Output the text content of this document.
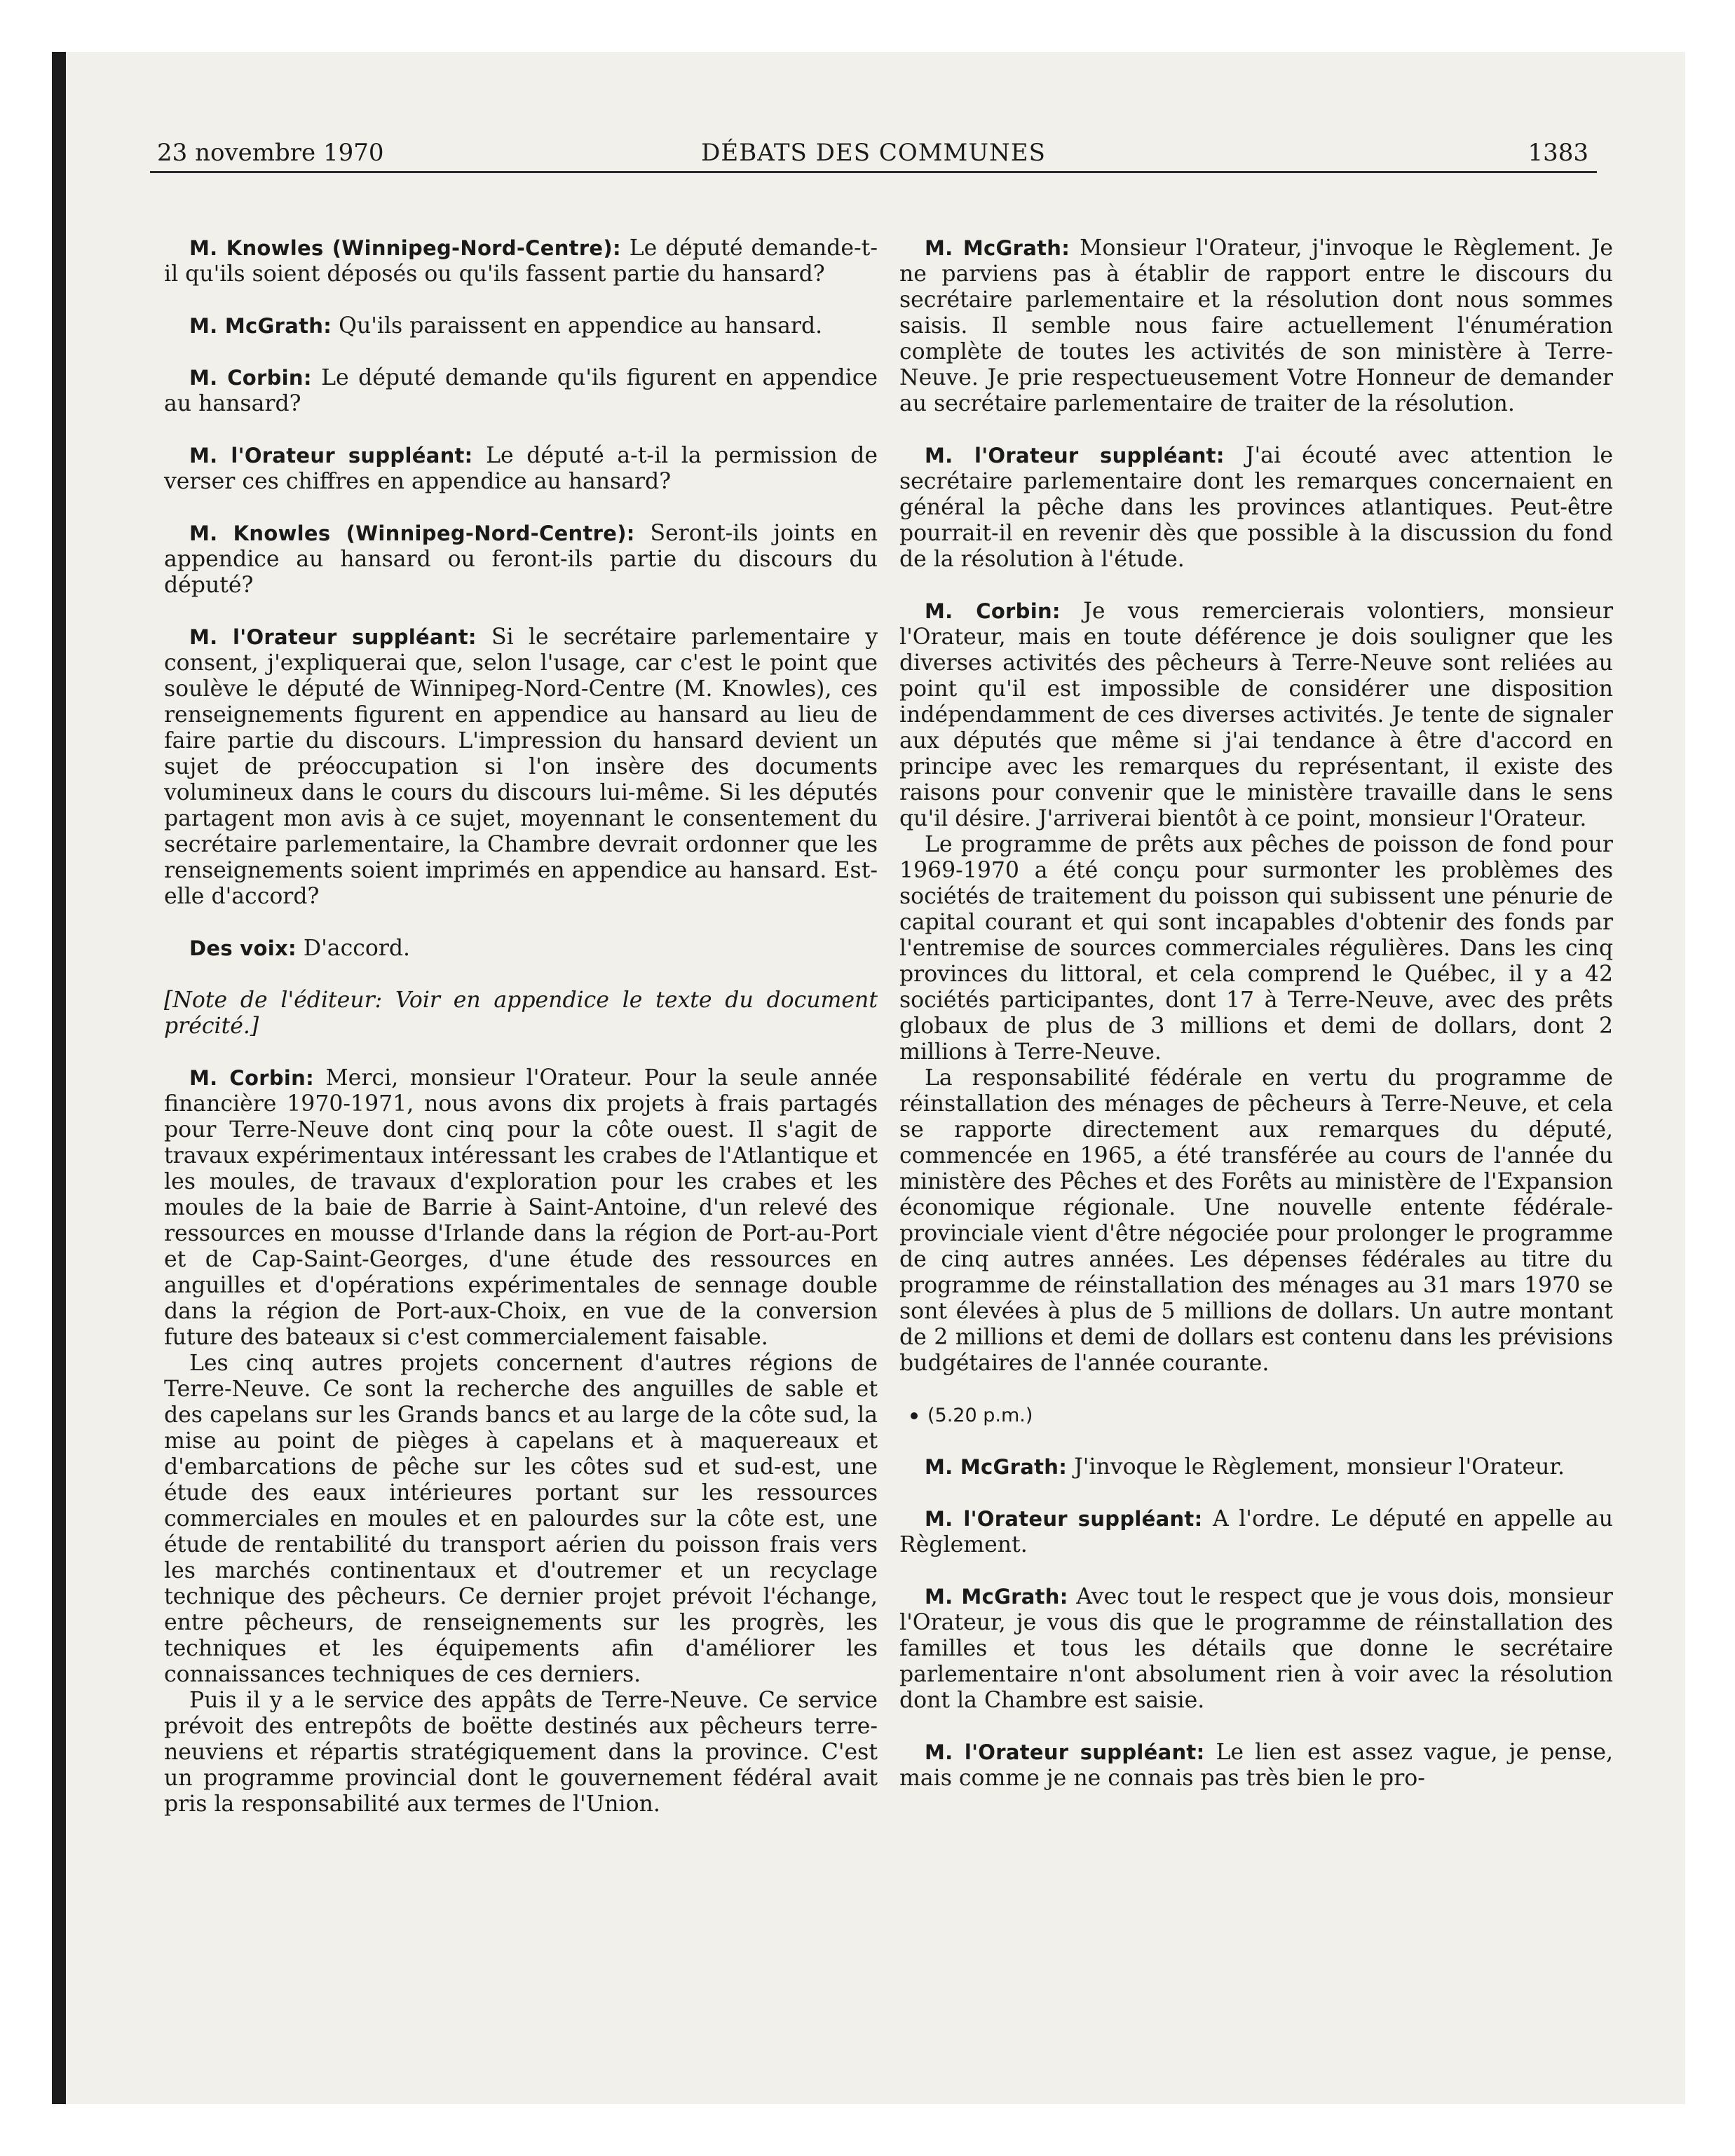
23 novembre 1970	DÉBATS DES COMMUNES	1383

M. Knowles (Winnipeg-Nord-Centre): Le député demande-t-il qu'ils soient déposés ou qu'ils fassent partie du hansard?

M. McGrath: Qu'ils paraissent en appendice au hansard.

M. Corbin: Le député demande qu'ils figurent en appendice au hansard?

M. l'Orateur suppléant: Le député a-t-il la permission de verser ces chiffres en appendice au hansard?

M. Knowles (Winnipeg-Nord-Centre): Seront-ils joints en appendice au hansard ou feront-ils partie du discours du député?

M. l'Orateur suppléant: Si le secrétaire parlementaire y consent, j'expliquerai que, selon l'usage, car c'est le point que soulève le député de Winnipeg-Nord-Centre (M. Knowles), ces renseignements figurent en appendice au hansard au lieu de faire partie du discours. L'impression du hansard devient un sujet de préoccupation si l'on insère des documents volumineux dans le cours du discours lui-même. Si les députés partagent mon avis à ce sujet, moyennant le consentement du secrétaire parlementaire, la Chambre devrait ordonner que les renseignements soient imprimés en appendice au hansard. Est-elle d'accord?

Des voix: D'accord.

[Note de l'éditeur: Voir en appendice le texte du document précité.]

M. Corbin: Merci, monsieur l'Orateur. Pour la seule année financière 1970-1971, nous avons dix projets à frais partagés pour Terre-Neuve dont cinq pour la côte ouest. Il s'agit de travaux expérimentaux intéressant les crabes de l'Atlantique et les moules, de travaux d'exploration pour les crabes et les moules de la baie de Barrie à Saint-Antoine, d'un relevé des ressources en mousse d'Irlande dans la région de Port-au-Port et de Cap-Saint-Georges, d'une étude des ressources en anguilles et d'opérations expérimentales de sennage double dans la région de Port-aux-Choix, en vue de la conversion future des bateaux si c'est commercialement faisable.

Les cinq autres projets concernent d'autres régions de Terre-Neuve. Ce sont la recherche des anguilles de sable et des capelans sur les Grands bancs et au large de la côte sud, la mise au point de pièges à capelans et à maquereaux et d'embarcations de pêche sur les côtes sud et sud-est, une étude des eaux intérieures portant sur les ressources commerciales en moules et en palourdes sur la côte est, une étude de rentabilité du transport aérien du poisson frais vers les marchés continentaux et d'outremer et un recyclage technique des pêcheurs. Ce dernier projet prévoit l'échange, entre pêcheurs, de renseignements sur les progrès, les techniques et les équipements afin d'améliorer les connaissances techniques de ces derniers.

Puis il y a le service des appâts de Terre-Neuve. Ce service prévoit des entrepôts de boëtte destinés aux pêcheurs terre-neuviens et répartis stratégiquement dans la province. C'est un programme provincial dont le gouvernement fédéral avait pris la responsabilité aux termes de l'Union.

M. McGrath: Monsieur l'Orateur, j'invoque le Règlement. Je ne parviens pas à établir de rapport entre le discours du secrétaire parlementaire et la résolution dont nous sommes saisis. Il semble nous faire actuellement l'énumération complète de toutes les activités de son ministère à Terre-Neuve. Je prie respectueusement Votre Honneur de demander au secrétaire parlementaire de traiter de la résolution.

M. l'Orateur suppléant: J'ai écouté avec attention le secrétaire parlementaire dont les remarques concernaient en général la pêche dans les provinces atlantiques. Peut-être pourrait-il en revenir dès que possible à la discussion du fond de la résolution à l'étude.

M. Corbin: Je vous remercierais volontiers, monsieur l'Orateur, mais en toute déférence je dois souligner que les diverses activités des pêcheurs à Terre-Neuve sont reliées au point qu'il est impossible de considérer une disposition indépendamment de ces diverses activités. Je tente de signaler aux députés que même si j'ai tendance à être d'accord en principe avec les remarques du représentant, il existe des raisons pour convenir que le ministère travaille dans le sens qu'il désire. J'arriverai bientôt à ce point, monsieur l'Orateur.

Le programme de prêts aux pêches de poisson de fond pour 1969-1970 a été conçu pour surmonter les problèmes des sociétés de traitement du poisson qui subissent une pénurie de capital courant et qui sont incapables d'obtenir des fonds par l'entremise de sources commerciales régulières. Dans les cinq provinces du littoral, et cela comprend le Québec, il y a 42 sociétés participantes, dont 17 à Terre-Neuve, avec des prêts globaux de plus de 3 millions et demi de dollars, dont 2 millions à Terre-Neuve.

La responsabilité fédérale en vertu du programme de réinstallation des ménages de pêcheurs à Terre-Neuve, et cela se rapporte directement aux remarques du député, commencée en 1965, a été transférée au cours de l'année du ministère des Pêches et des Forêts au ministère de l'Expansion économique régionale. Une nouvelle entente fédérale-provinciale vient d'être négociée pour prolonger le programme de cinq autres années. Les dépenses fédérales au titre du programme de réinstallation des ménages au 31 mars 1970 se sont élevées à plus de 5 millions de dollars. Un autre montant de 2 millions et demi de dollars est contenu dans les prévisions budgétaires de l'année courante.

(5.20 p.m.)

M. McGrath: J'invoque le Règlement, monsieur l'Orateur.

M. l'Orateur suppléant: A l'ordre. Le député en appelle au Règlement.

M. McGrath: Avec tout le respect que je vous dois, monsieur l'Orateur, je vous dis que le programme de réinstallation des familles et tous les détails que donne le secrétaire parlementaire n'ont absolument rien à voir avec la résolution dont la Chambre est saisie.

M. l'Orateur suppléant: Le lien est assez vague, je pense, mais comme je ne connais pas très bien le pro-
